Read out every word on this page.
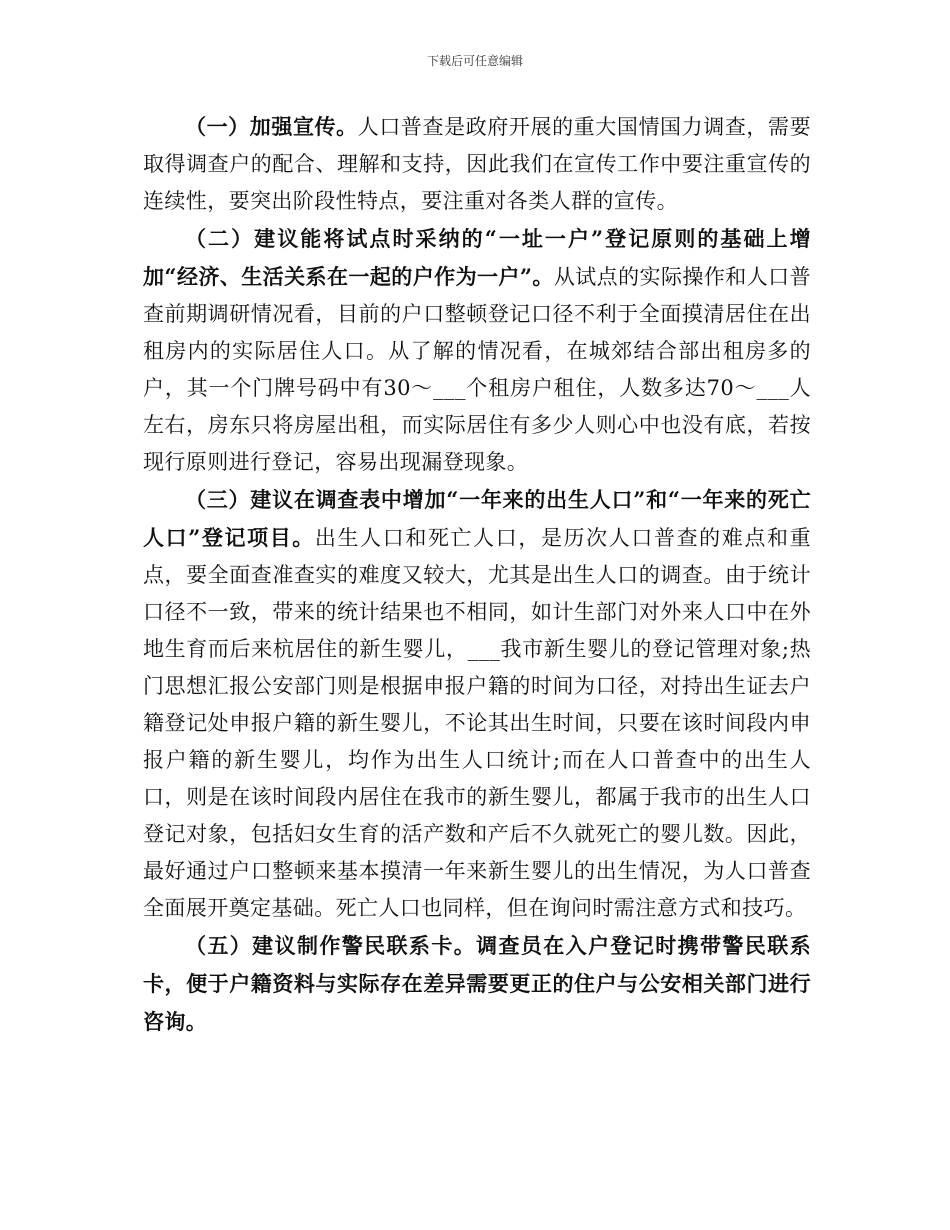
下载后可任意编辑

（一）加强宣传。人口普查是政府开展的重大国情国力调查，需要取得调查户的配合、理解和支持，因此我们在宣传工作中要注重宣传的连续性，要突出阶段性特点，要注重对各类人群的宣传。

（二）建议能将试点时采纳的“一址一户”登记原则的基础上增加“经济、生活关系在一起的户作为一户”。从试点的实际操作和人口普查前期调研情况看，目前的户口整顿登记口径不利于全面摸清居住在出租房内的实际居住人口。从了解的情况看，在城郊结合部出租房多的户，其一个门牌号码中有30～___个租房户租住，人数多达70～___人左右，房东只将房屋出租，而实际居住有多少人则心中也没有底，若按现行原则进行登记，容易出现漏登现象。

（三）建议在调查表中增加“一年来的出生人口”和“一年来的死亡人口”登记项目。出生人口和死亡人口，是历次人口普查的难点和重点，要全面查准查实的难度又较大，尤其是出生人口的调查。由于统计口径不一致，带来的统计结果也不相同，如计生部门对外来人口中在外地生育而后来杭居住的新生婴儿，___我市新生婴儿的登记管理对象;热门思想汇报公安部门则是根据申报户籍的时间为口径，对持出生证去户籍登记处申报户籍的新生婴儿，不论其出生时间，只要在该时间段内申报户籍的新生婴儿，均作为出生人口统计;而在人口普查中的出生人口，则是在该时间段内居住在我市的新生婴儿，都属于我市的出生人口登记对象，包括妇女生育的活产数和产后不久就死亡的婴儿数。因此，最好通过户口整顿来基本摸清一年来新生婴儿的出生情况，为人口普查全面展开奠定基础。死亡人口也同样，但在询问时需注意方式和技巧。

（五）建议制作警民联系卡。调查员在入户登记时携带警民联系卡，便于户籍资料与实际存在差异需要更正的住户与公安相关部门进行咨询。
